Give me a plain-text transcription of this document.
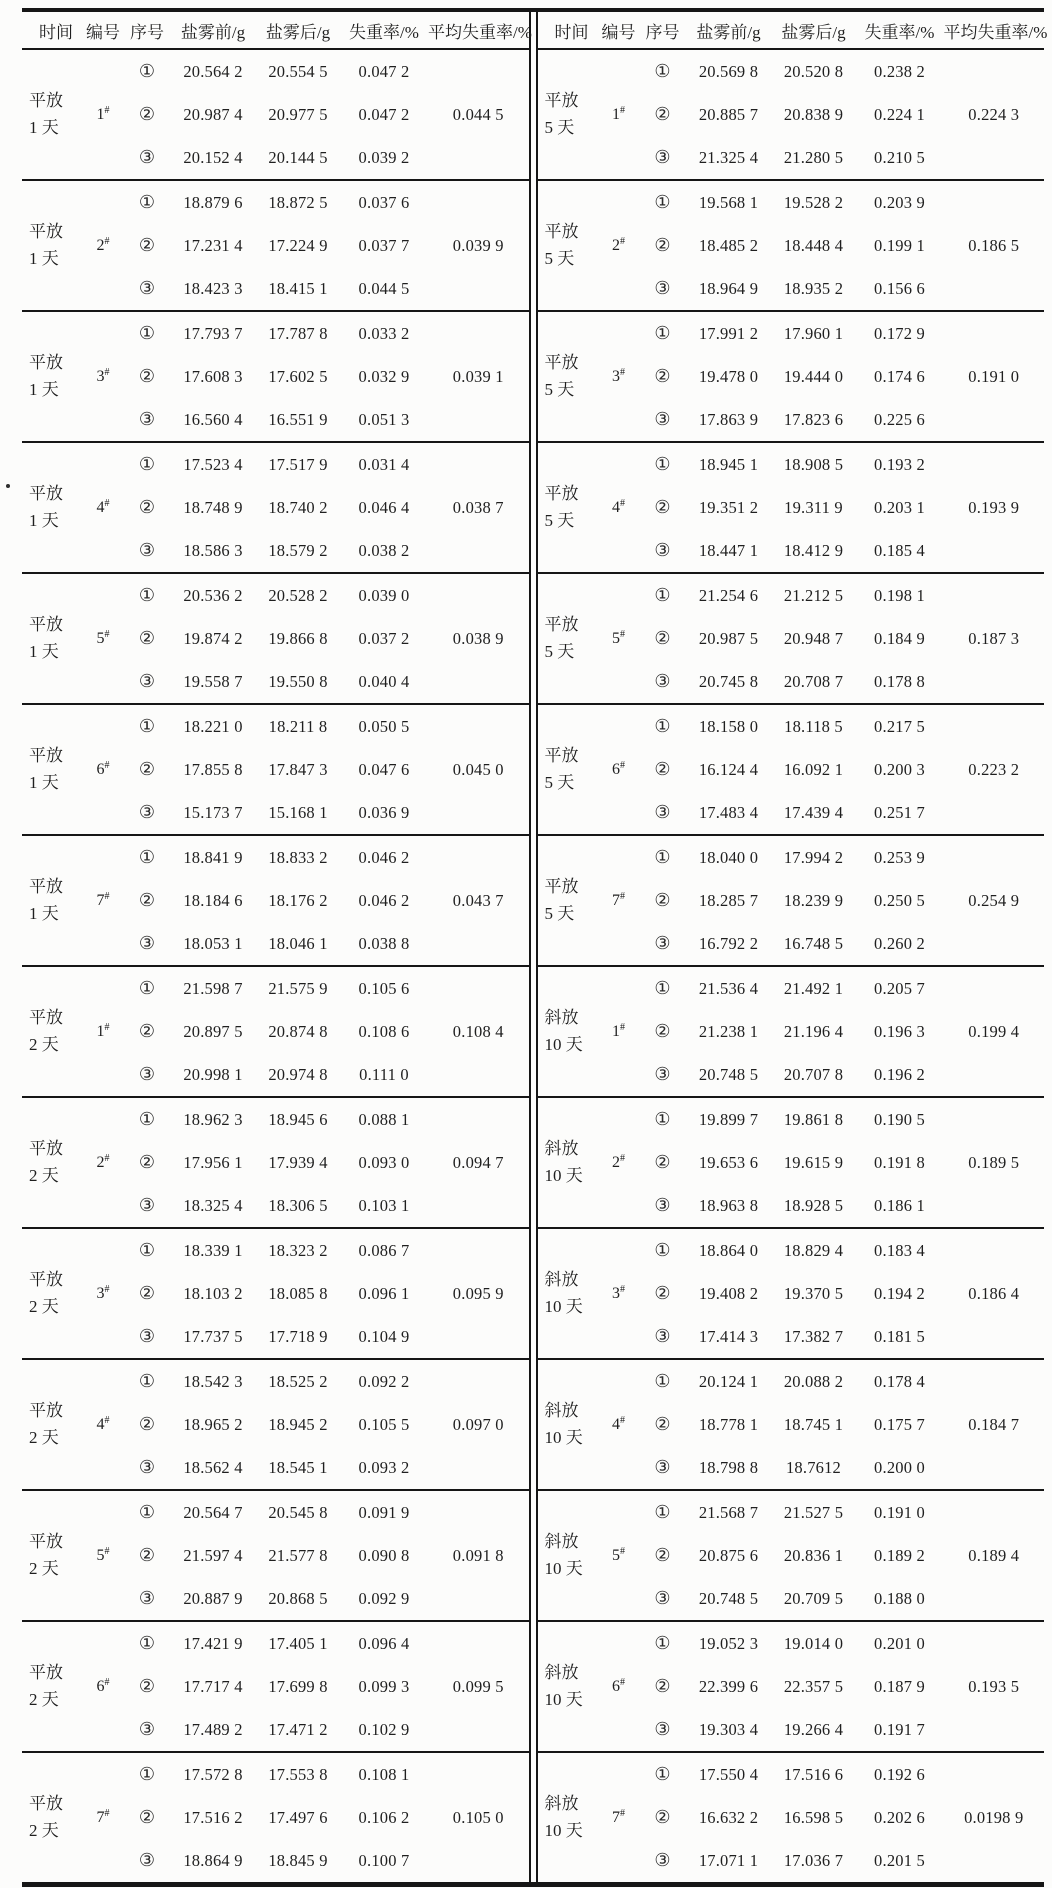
时间 编号 序号 盐雾前/g	盐雾后/g	失重率/% 平均失重率/%
平放
1 天
1 #	0.044 5
①	20.564 2	20.554 5	0.047 2
②	20.987 4	20.977 5	0.047 2
③	20.152 4	20.144 5	0.039 2
平放
1 天
2 #	0.039 9
①	18.879 6	18.872 5	0.037 6
②	17.231 4	17.224 9	0.037 7
③	18.423 3	18.415 1	0.044 5
平放
1 天
3 #	0.039 1
①	17.793 7	17.787 8	0.033 2
②	17.608 3	17.602 5	0.032 9
③	16.560 4	16.551 9	0.051 3
平放
1 天
4 #	0.038 7
①	17.523 4	17.517 9	0.031 4
②	18.748 9	18.740 2	0.046 4
③	18.586 3	18.579 2	0.038 2
平放
1 天
5 #	0.038 9
①	20.536 2	20.528 2	0.039 0
②	19.874 2	19.866 8	0.037 2
③	19.558 7	19.550 8	0.040 4
平放
1 天
6 #	0.045 0
①	18.221 0	18.211 8	0.050 5
②	17.855 8	17.847 3	0.047 6
③	15.173 7	15.168 1	0.036 9
平放
1 天
7 #	0.043 7
①	18.841 9	18.833 2	0.046 2
②	18.184 6	18.176 2	0.046 2
③	18.053 1	18.046 1	0.038 8
平放
2 天
1 #	0.108 4
①	21.598 7	21.575 9	0.105 6
②	20.897 5	20.874 8	0.108 6
③	20.998 1	20.974 8	0.111 0
平放
2 天
2 #	0.094 7
①	18.962 3	18.945 6	0.088 1
②	17.956 1	17.939 4	0.093 0
③	18.325 4	18.306 5	0.103 1
平放
2 天
3 #	0.095 9
①	18.339 1	18.323 2	0.086 7
②	18.103 2	18.085 8	0.096 1
③	17.737 5	17.718 9	0.104 9
平放
2 天
4 #	0.097 0
①	18.542 3	18.525 2	0.092 2
②	18.965 2	18.945 2	0.105 5
③	18.562 4	18.545 1	0.093 2
平放
2 天
5 #	0.091 8
①	20.564 7	20.545 8	0.091 9
②	21.597 4	21.577 8	0.090 8
③	20.887 9	20.868 5	0.092 9
平放
2 天
6 #	0.099 5
①	17.421 9	17.405 1	0.096 4
②	17.717 4	17.699 8	0.099 3
③	17.489 2	17.471 2	0.102 9
平放
2 天
7 #	0.105 0
①	17.572 8	17.553 8	0.108 1
②	17.516 2	17.497 6	0.106 2
③	18.864 9	18.845 9	0.100 7
时间 编号 序号 盐雾前/g	盐雾后/g	失重率/% 平均失重率/%
平放
5 天
1 #	0.224 3
①	20.569 8	20.520 8	0.238 2
②	20.885 7	20.838 9	0.224 1
③	21.325 4	21.280 5	0.210 5
平放
5 天
2 #	0.186 5
①	19.568 1	19.528 2	0.203 9
②	18.485 2	18.448 4	0.199 1
③	18.964 9	18.935 2	0.156 6
平放
5 天
3 #	0.191 0
①	17.991 2	17.960 1	0.172 9
②	19.478 0	19.444 0	0.174 6
③	17.863 9	17.823 6	0.225 6
平放
5 天
4 #	0.193 9
①	18.945 1	18.908 5	0.193 2
②	19.351 2	19.311 9	0.203 1
③	18.447 1	18.412 9	0.185 4
平放
5 天
5 #	0.187 3
①	21.254 6	21.212 5	0.198 1
②	20.987 5	20.948 7	0.184 9
③	20.745 8	20.708 7	0.178 8
平放
5 天
6 #	0.223 2
①	18.158 0	18.118 5	0.217 5
②	16.124 4	16.092 1	0.200 3
③	17.483 4	17.439 4	0.251 7
平放
5 天
7 #	0.254 9
①	18.040 0	17.994 2	0.253 9
②	18.285 7	18.239 9	0.250 5
③	16.792 2	16.748 5	0.260 2
斜放
10 天
1 #	0.199 4
①	21.536 4	21.492 1	0.205 7
②	21.238 1	21.196 4	0.196 3
③	20.748 5	20.707 8	0.196 2
斜放
10 天
2 #	0.189 5
①	19.899 7	19.861 8	0.190 5
②	19.653 6	19.615 9	0.191 8
③	18.963 8	18.928 5	0.186 1
斜放
10 天
3 #	0.186 4
①	18.864 0	18.829 4	0.183 4
②	19.408 2	19.370 5	0.194 2
③	17.414 3	17.382 7	0.181 5
斜放
10 天
4 #	0.184 7
①	20.124 1	20.088 2	0.178 4
②	18.778 1	18.745 1	0.175 7
③	18.798 8	18.7612	0.200 0
斜放
10 天
5 #	0.189 4
①	21.568 7	21.527 5	0.191 0
②	20.875 6	20.836 1	0.189 2
③	20.748 5	20.709 5	0.188 0
斜放
10 天
6 #	0.193 5
①	19.052 3	19.014 0	0.201 0
②	22.399 6	22.357 5	0.187 9
③	19.303 4	19.266 4	0.191 7
斜放
10 天
7 #	0.0198 9
①	17.550 4	17.516 6	0.192 6
②	16.632 2	16.598 5	0.202 6
③	17.071 1	17.036 7	0.201 5
